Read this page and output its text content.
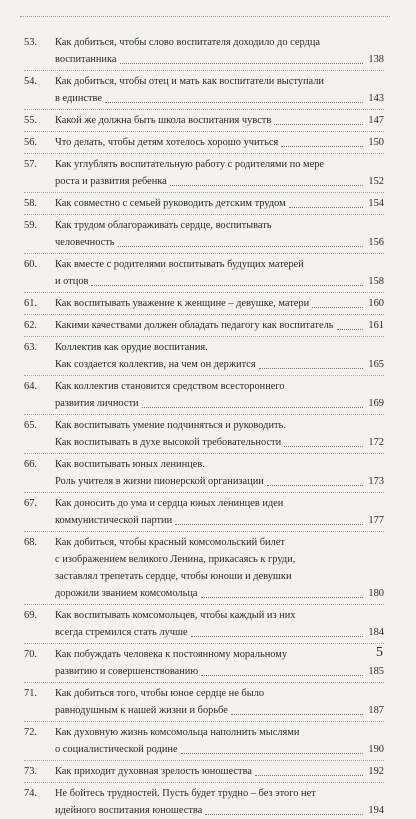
53.	Как добиться, чтобы слово воспитателя доходило до сердца
воспитанника	138
54.	Как добиться, чтобы отец и мать как воспитатели выступали
в единстве	143
55.	Какой же должна быть школа воспитания чувств	147
56.	Что делать, чтобы детям хотелось хорошо учиться	150
57.	Как углублять воспитательную работу с родителями по мере
роста и развития ребенка	152
58.	Как совместно с семьей руководить детским трудом	154
59.	Как трудом облагораживать сердце, воспитывать
человечность	156
60.	Как вместе с родителями воспитывать будущих матерей
и отцов	158
61.	Как воспитывать уважение к женщине – девушке, матери	160
62.	Какими качествами должен обладать педагогу как воспитатель	161
63.	Коллектив как орудие воспитания.
Как создается коллектив, на чем он держится	165
64.	Как коллектив становится средством всестороннего
развития личности	169
65.	Как воспитывать умение подчиняться и руководить.
Как воспитывать в духе высокой требовательности	172
66.	Как воспитывать юных ленинцев.
Роль учителя в жизни пионерской организации	173
67.	Как доносить до ума и сердца юных ленинцев идеи
коммунистической партии	177
68.	Как добиться, чтобы красный комсомольский билет
с изображением великого Ленина, прикасаясь к груди,
заставлял трепетать сердце, чтобы юноши и девушки
дорожили званием комсомольца	180
69.	Как воспитывать комсомольцев, чтобы каждый из них
всегда стремился стать лучше	184
70.	Как побуждать человека к постоянному моральному
развитию и совершенствованию	185
71.	Как добиться того, чтобы юное сердце не было
равнодушным к нашей жизни и борьбе	187
72.	Как духовную жизнь комсомольца наполнить мыслями
о социалистической родине	190
73.	Как приходит духовная зрелость юношества	192
74.	Не бойтесь трудностей. Пусть будет трудно – без этого нет
идейного воспитания юношества	194
5
